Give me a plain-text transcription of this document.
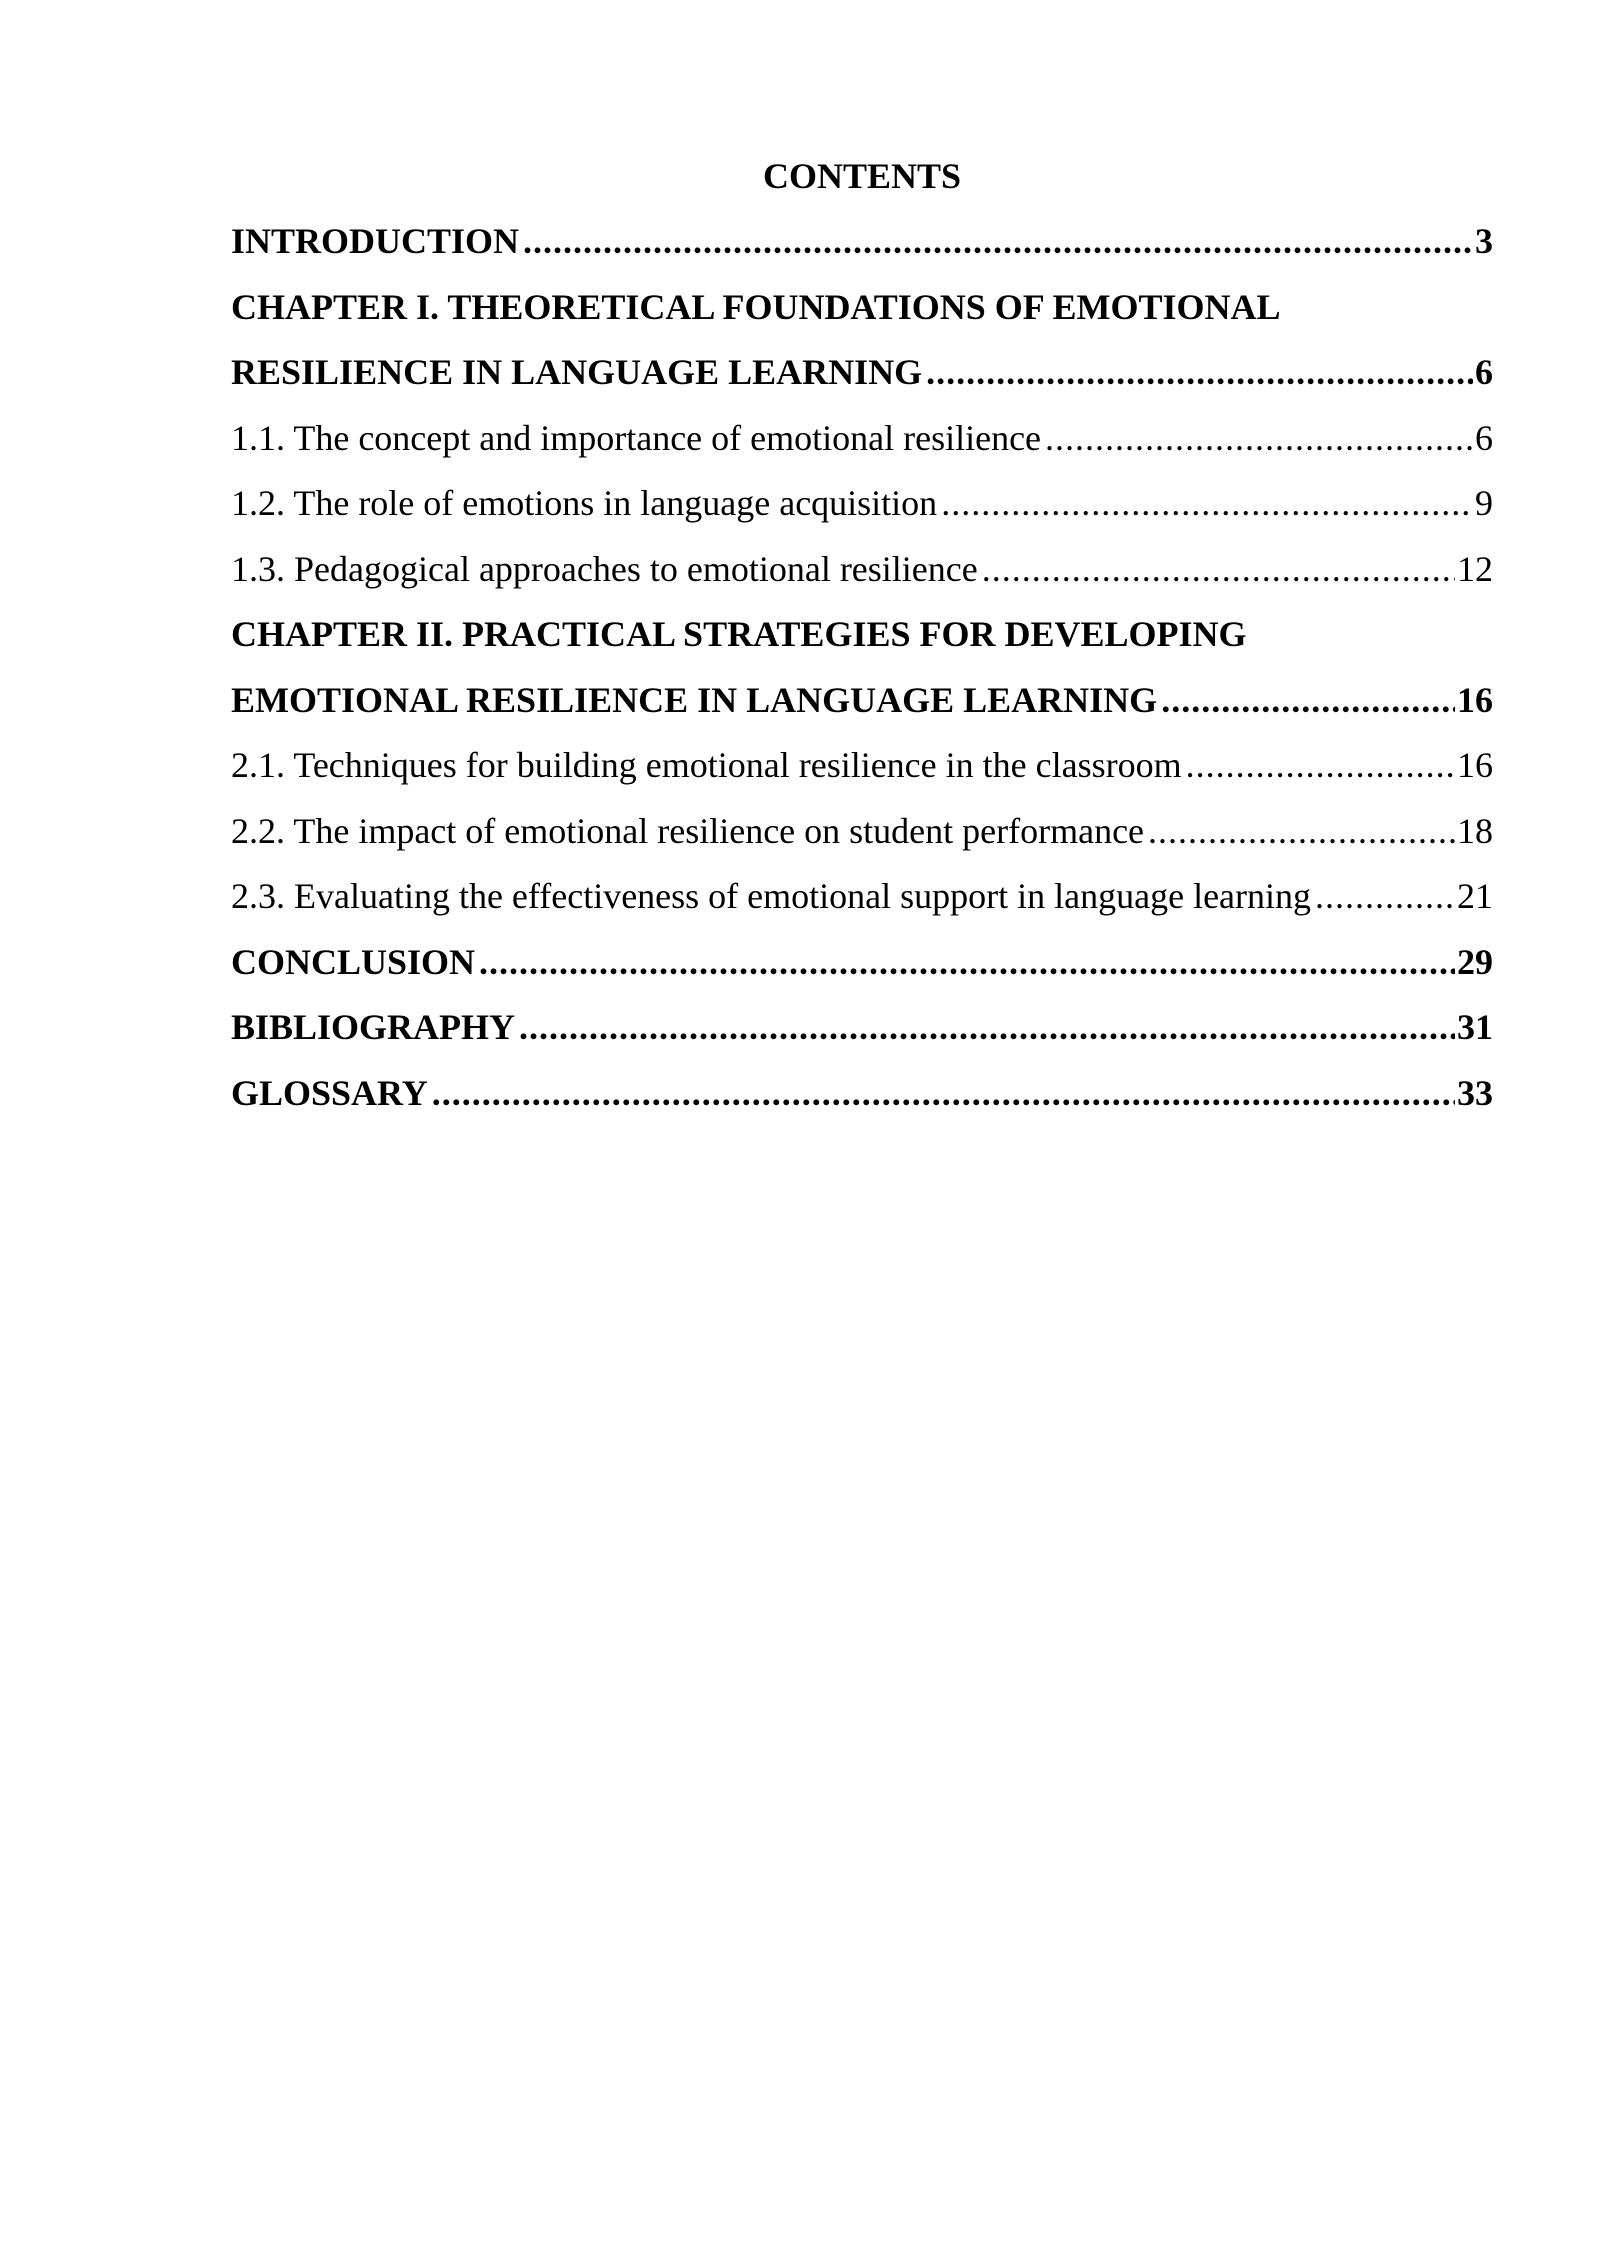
CONTENTS
INTRODUCTION .....	3
CHAPTER I. THEORETICAL FOUNDATIONS OF EMOTIONAL
RESILIENCE IN LANGUAGE LEARNING .....	6
1.1. The concept and importance of emotional resilience .....	6
1.2. The role of emotions in language acquisition .....	9
1.3. Pedagogical approaches to emotional resilience .....	12
CHAPTER II. PRACTICAL STRATEGIES FOR DEVELOPING
EMOTIONAL RESILIENCE IN LANGUAGE LEARNING .....	16
2.1. Techniques for building emotional resilience in the classroom .....	16
2.2. The impact of emotional resilience on student performance .....	18
2.3. Evaluating the effectiveness of emotional support in language learning .....	21
CONCLUSION .....	29
BIBLIOGRAPHY .....	31
GLOSSARY .....	33
